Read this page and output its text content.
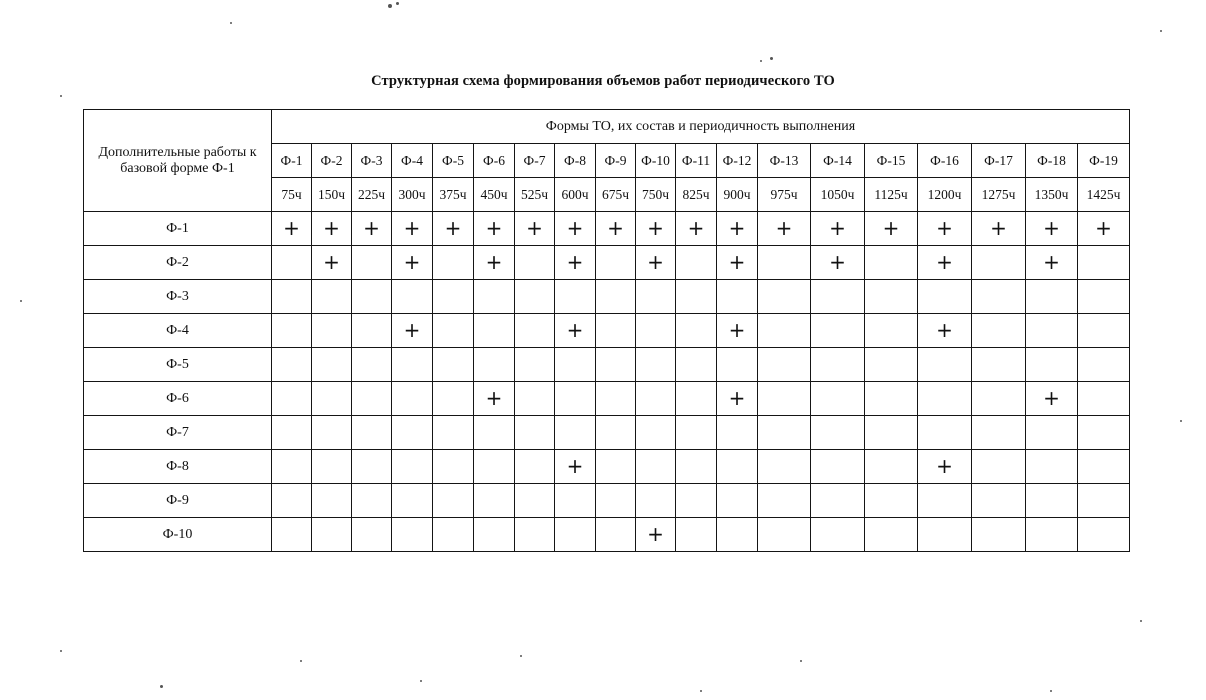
Структурная схема формирования объемов работ периодического ТО
Дополнительные работы к базовой форме Ф-1	Формы ТО, их состав и периодичность выполнения																		
	Ф-1	Ф-2	Ф-3	Ф-4	Ф-5	Ф-6	Ф-7	Ф-8	Ф-9	Ф-10	Ф-11	Ф-12	Ф-13	Ф-14	Ф-15	Ф-16	Ф-17	Ф-18	Ф-19
	75ч	150ч	225ч	300ч	375ч	450ч	525ч	600ч	675ч	750ч	825ч	900ч	975ч	1050ч	1125ч	1200ч	1275ч	1350ч	1425ч
Ф-1	+	+	+	+	+	+	+	+	+	+	+	+	+	+	+	+	+	+	+
Ф-2		+		+		+		+		+		+		+		+		+	
Ф-3																			
Ф-4				+				+				+				+			
Ф-5																			
Ф-6						+						+						+	
Ф-7																			
Ф-8								+								+			
Ф-9																			
Ф-10										+									
